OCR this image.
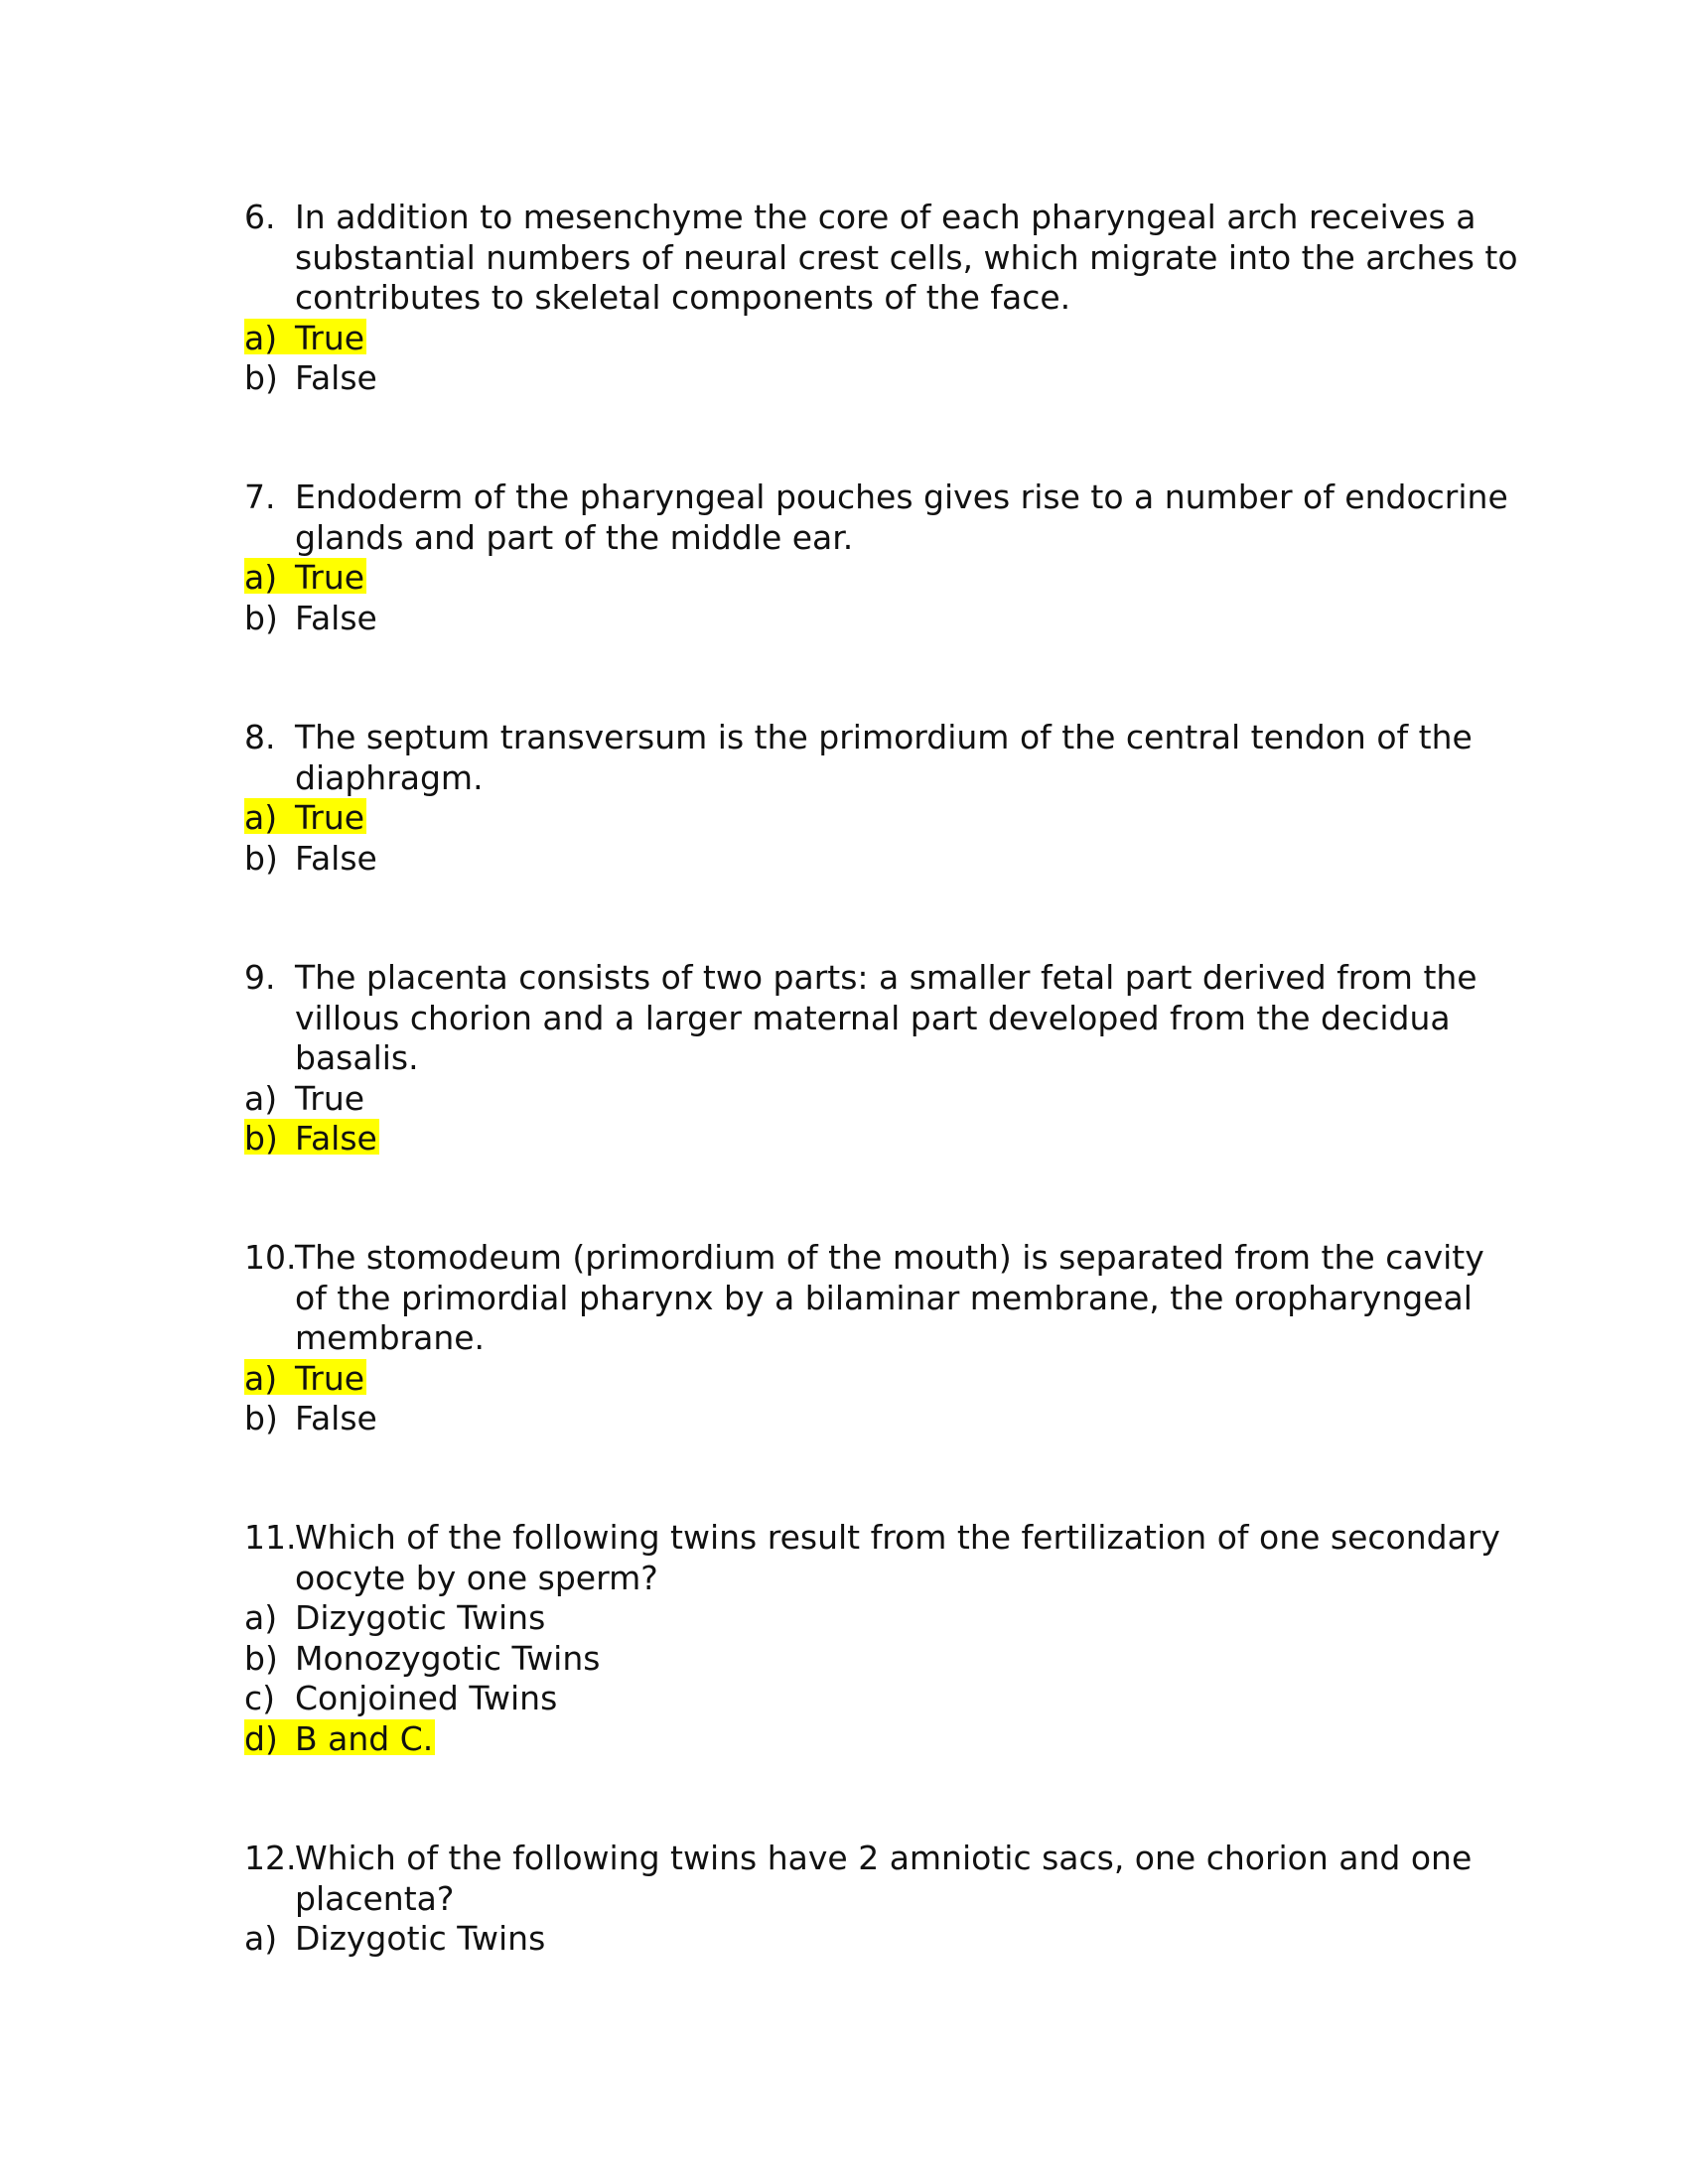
6. In addition to mesenchyme the core of each pharyngeal arch receives a
substantial numbers of neural crest cells, which migrate into the arches to
contributes to skeletal components of the face.
a) True
b) False
7. Endoderm of the pharyngeal pouches gives rise to a number of endocrine
glands and part of the middle ear.
a) True
b) False
8. The septum transversum is the primordium of the central tendon of the
diaphragm.
a) True
b) False
9. The placenta consists of two parts: a smaller fetal part derived from the
villous chorion and a larger maternal part developed from the decidua
basalis.
a) True
b) False
10.
The stomodeum (primordium of the mouth) is separated from the cavity
of the primordial pharynx by a bilaminar membrane, the oropharyngeal
membrane.
a) True
b) False
11.
Which of the following twins result from the fertilization of one secondary
oocyte by one sperm?
a) Dizygotic Twins
b) Monozygotic Twins
c) Conjoined Twins
d) B and C.
12.
Which of the following twins have 2 amniotic sacs, one chorion and one
placenta?
a) Dizygotic Twins
